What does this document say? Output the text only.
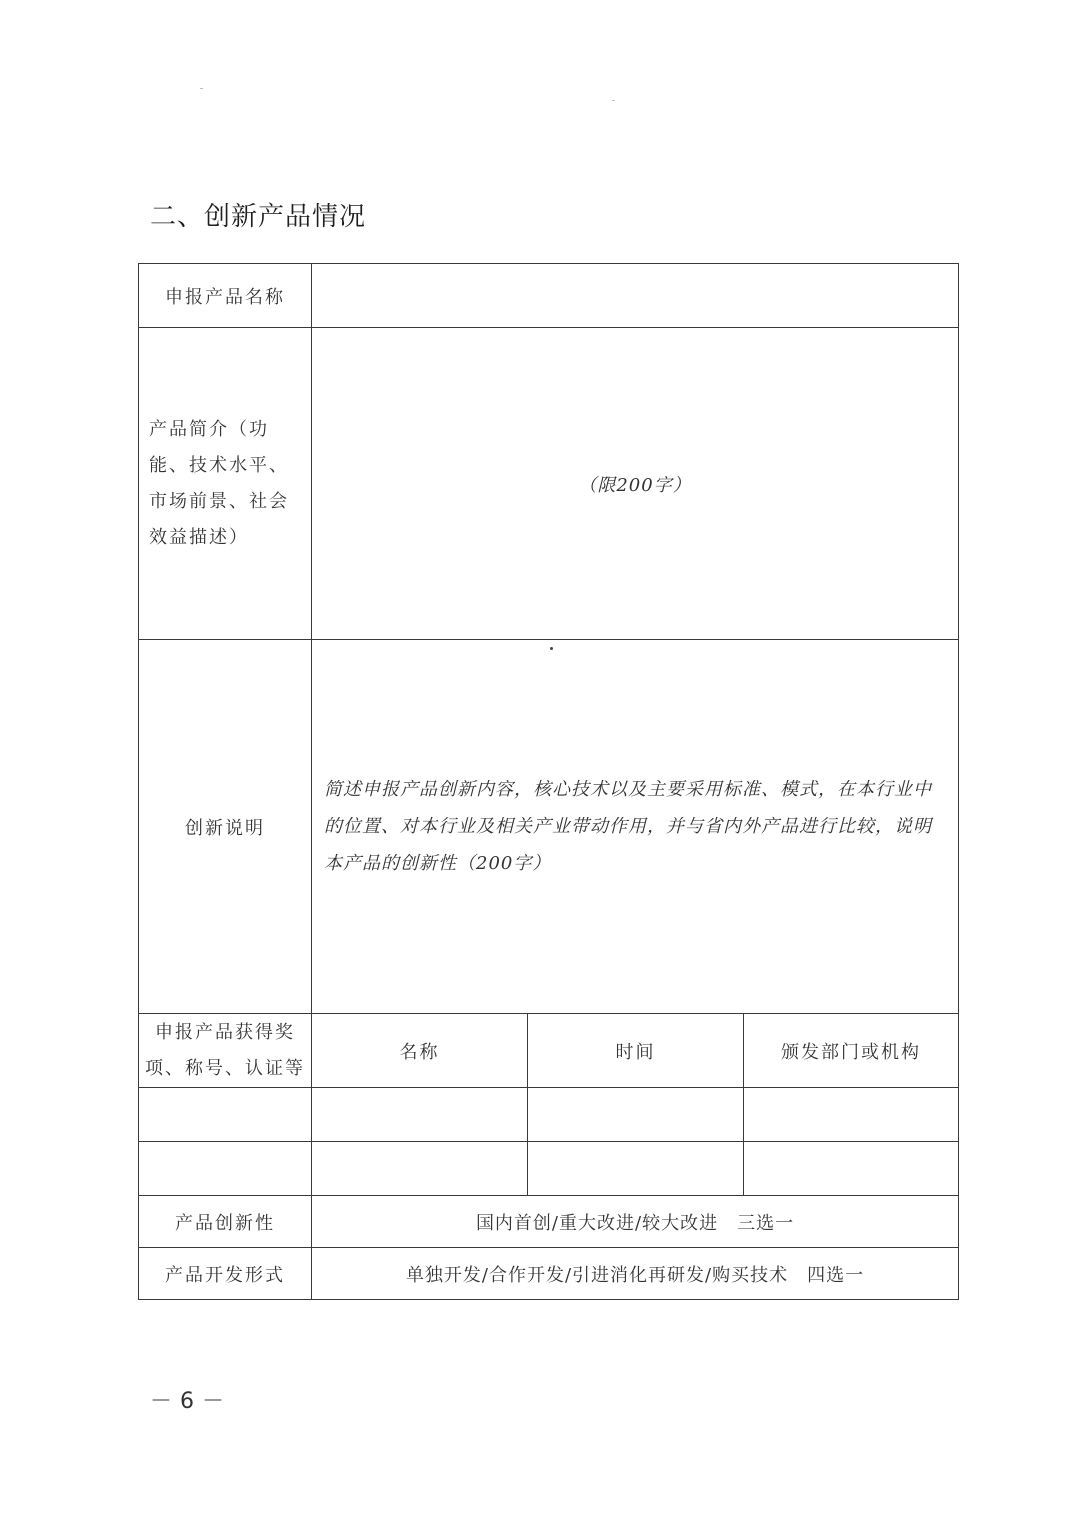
二、创新产品情况
申报产品名称			
产品简介（功能、技术水平、市场前景、社会效益描述）	（限200字）		
创新说明	简述申报产品创新内容，核心技术以及主要采用标准、模式，在本行业中的位置、对本行业及相关产业带动作用，并与省内外产品进行比较，说明本产品的创新性（200字）		
申报产品获得奖项、称号、认证等	名称	时间	颁发部门或机构

产品创新性	国内首创/重大改进/较大改进　三选一		
产品开发形式	单独开发/合作开发/引进消化再研发/购买技术　四选一		
－6－
